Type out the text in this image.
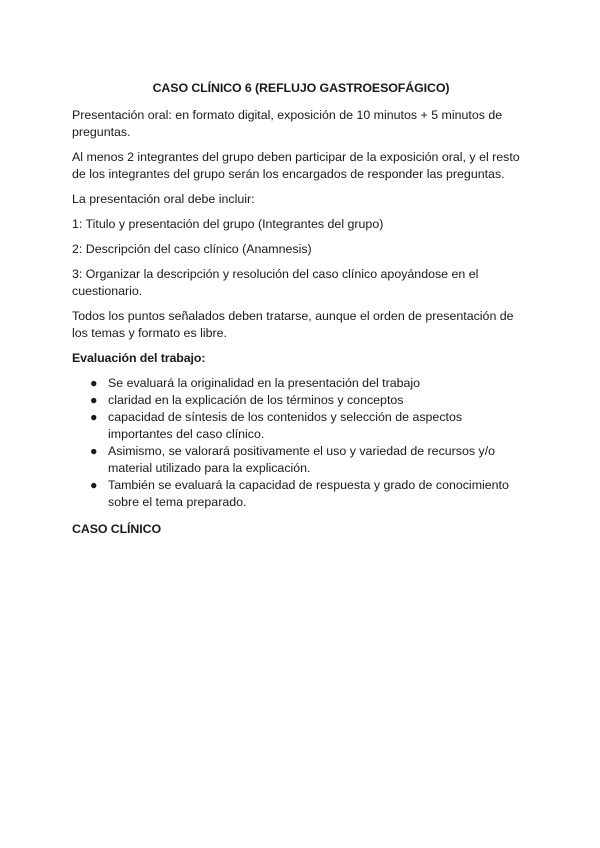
CASO CLÍNICO 6 (REFLUJO GASTROESOFÁGICO)

Presentación oral: en formato digital, exposición de 10 minutos + 5 minutos de preguntas.

Al menos 2 integrantes del grupo deben participar de la exposición oral, y el resto de los integrantes del grupo serán los encargados de responder las preguntas.

La presentación oral debe incluir:

1: Titulo y presentación del grupo (Integrantes del grupo)

2: Descripción del caso clínico (Anamnesis)

3: Organizar la descripción y resolución del caso clínico apoyándose en el cuestionario.

Todos los puntos señalados deben tratarse, aunque el orden de presentación de los temas y formato es libre.

Evaluación del trabajo:
● Se evaluará la originalidad en la presentación del trabajo
● claridad en la explicación de los términos y conceptos
● capacidad de síntesis de los contenidos y selección de aspectos importantes del caso clínico.
● Asimismo, se valorará positivamente el uso y variedad de recursos y/o material utilizado para la explicación.
● También se evaluará la capacidad de respuesta y grado de conocimiento sobre el tema preparado.
CASO CLÍNICO
